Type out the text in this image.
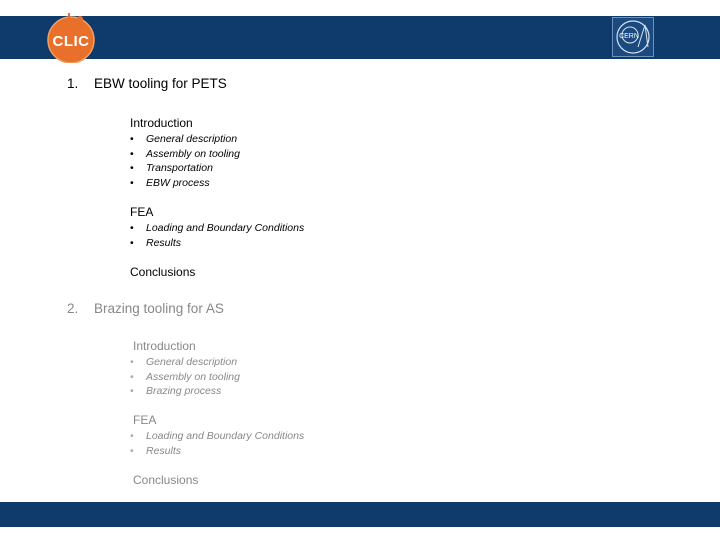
CLIC	CERN
1. EBW tooling for PETS
Introduction
• General description
• Assembly on tooling
• Transportation
• EBW process
FEA
• Loading and Boundary Conditions
• Results
Conclusions
2. Brazing tooling for AS
Introduction
• General description
• Assembly on tooling
• Brazing process
FEA
• Loading and Boundary Conditions
• Results
Conclusions
